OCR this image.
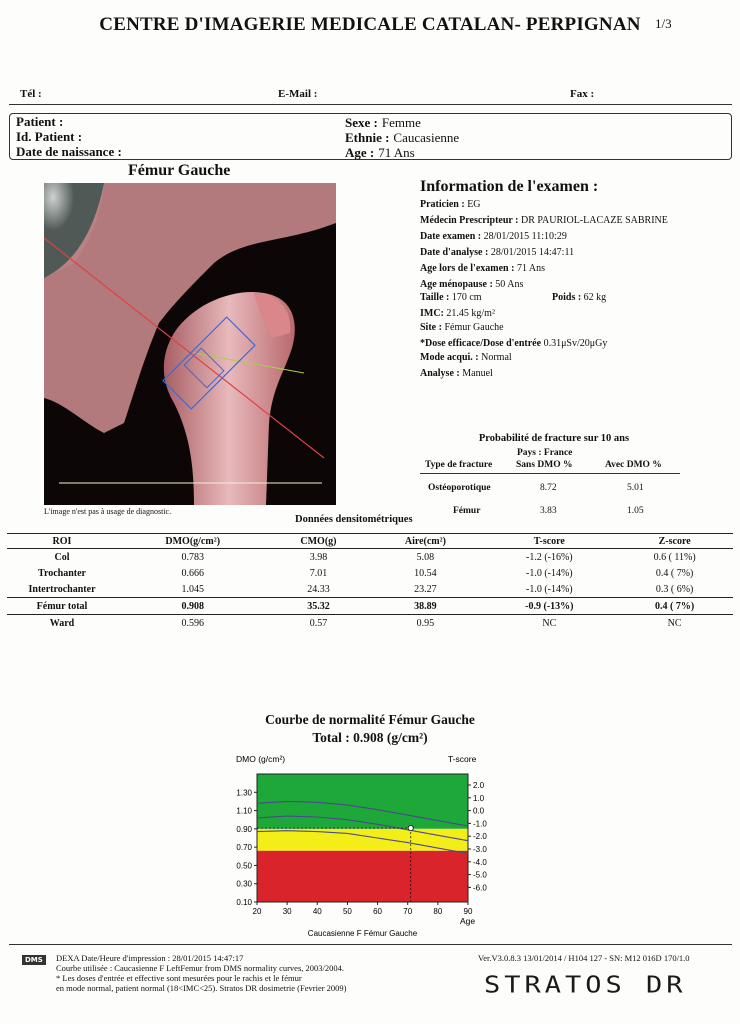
CENTRE D'IMAGERIE MEDICALE CATALAN- PERPIGNAN	1/3
Tél :	E-Mail :	Fax :
Patient :
Id. Patient :
Date de naissance :
Sexe : Femme
Ethnie : Caucasienne
Age : 71 Ans
Fémur Gauche
L'image n'est pas à usage de diagnostic.
Information de l'examen :
Praticien : EG
Médecin Prescripteur : DR PAURIOL-LACAZE SABRINE
Date examen : 28/01/2015 11:10:29
Date d'analyse : 28/01/2015 14:47:11
Age lors de l'examen : 71 Ans
Age ménopause : 50 Ans
Taille : 170 cm
IMC: 21.45 kg/m²
Site : Fémur Gauche
*Dose efficace/Dose d'entrée 0.31μSv/20μGy
Mode acqui. : Normal
Analyse : Manuel
Poids : 62 kg
Probabilité de fracture sur 10 ans
Pays : France
Type de fracture	Sans DMO %	Avec DMO %
Ostéoporotique	8.72	5.01
Fémur	3.83	1.05
Données densitométriques
ROI	DMO(g/cm²)	CMO(g)	Aire(cm²)	T-score	Z-score
Col	0.783	3.98	5.08	-1.2 (-16%)	0.6 ( 11%)
Trochanter	0.666	7.01	10.54	-1.0 (-14%)	0.4 ( 7%)
Intertrochanter	1.045	24.33	23.27	-1.0 (-14%)	0.3 ( 6%)
Fémur total	0.908	35.32	38.89	-0.9 (-13%)	0.4 ( 7%)
Ward	0.596	0.57	0.95	NC	NC
Courbe de normalité Fémur Gauche
Total : 0.908 (g/cm²)
1.30
1.10
0.90
0.70
0.50
0.30
0.10
20	30	40	50	60	70	80	90
2.0
1.0
0.0
-1.0
-2.0
-3.0
-4.0
-5.0
-6.0
DMO (g/cm²)	T-score
Age
Caucasienne F Fémur Gauche
DMS	DEXA Date/Heure d'impression : 28/01/2015 14:47:17
Courbe utilisée : Caucasienne F LeftFemur from DMS normality curves, 2003/2004.
* Les doses d'entrée et effective sont mesurées pour le rachis et le fémur
en mode normal, patient normal (18<IMC<25). Stratos DR dosimetrie (Fevrier 2009)
Ver.V3.0.8.3 13/01/2014 / H104 127 - SN: M12 016D 170/1.0
STRATOS DR
